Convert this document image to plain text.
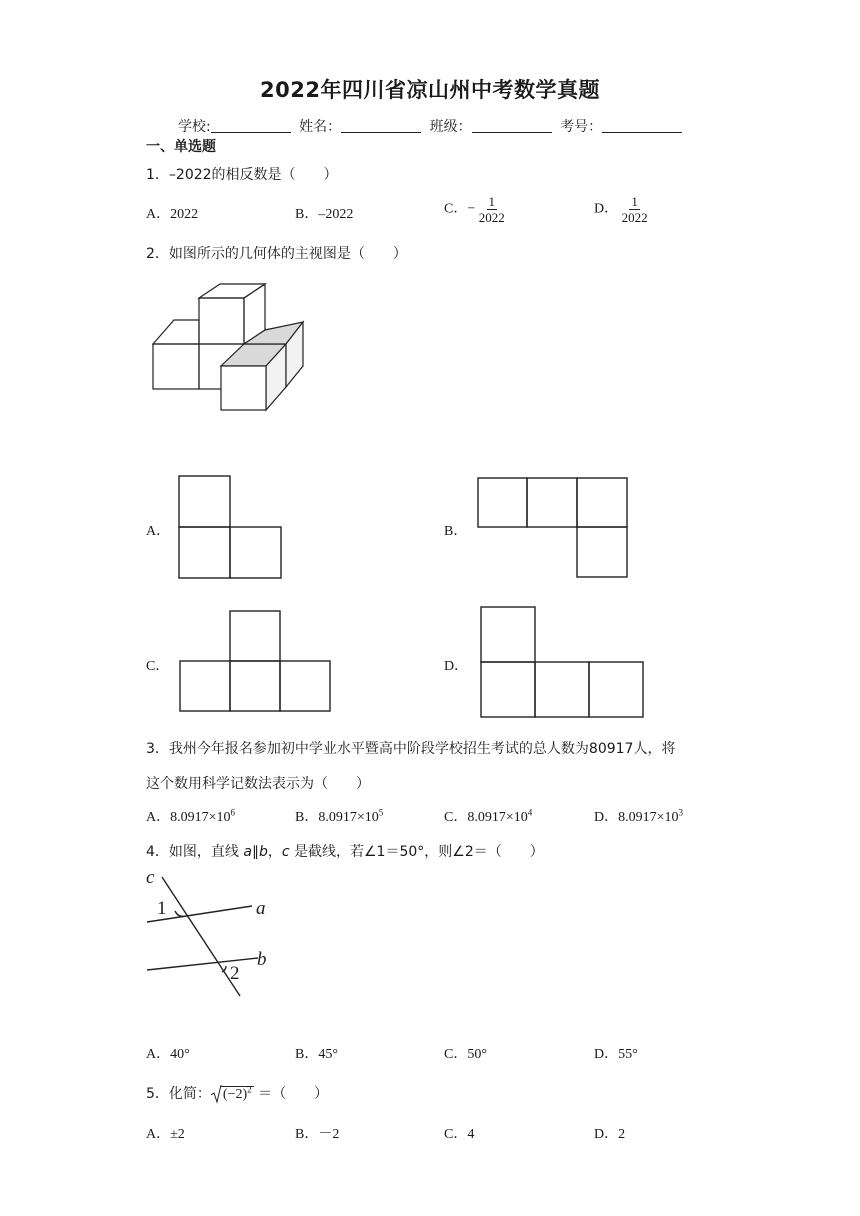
2022年四川省凉山州中考数学真题
学校:	姓名：	班级：	考号：
一、单选题
1．–2022的相反数是（　　）
A．2022	B．–2022	C．− $\frac{1}{2022}$	D． $\frac{1}{2022}$
2．如图所示的几何体的主视图是（　　）
A．	B．
C．	D．
3．我州今年报名参加初中学业水平暨高中阶段学校招生考试的总人数为80917人，将
这个数用科学记数法表示为（　　）
A．$8.0917\times 10^6$	B．$8.0917\times 10^5$	C．$8.0917\times 10^4$	D．$8.0917\times 10^3$
4．如图，直线 a∥b，c 是截线，若∠1＝50°，则∠2＝（　　）
c
1	a
b
2
A．40°	B．45°	C．50°	D．55°
5．化简： $(-2)^2$ ＝（　　）
A．±2	B．－2	C．4	D．2
